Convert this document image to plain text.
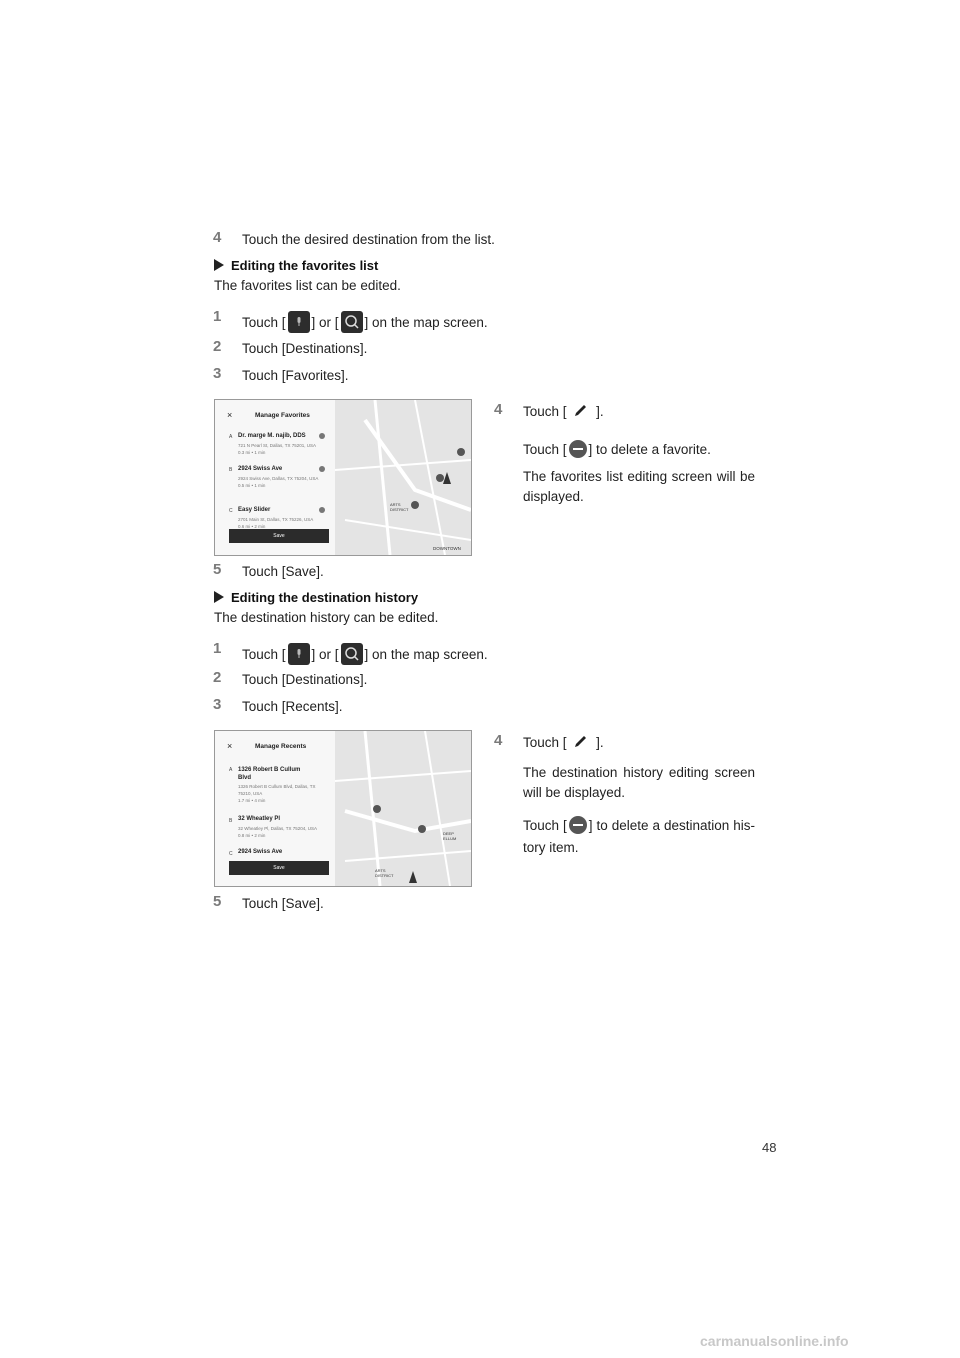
4 Touch the desired destination from the list.
Editing the favorites list
The favorites list can be edited.
1 Touch [ ] or [ ] on the map screen.
2 Touch [Destinations].
3 Touch [Favorites].
ARTS
DISTRICT
DOWNTOWN
×	Manage Favorites
A Dr. marge M. najib, DDS
721 N Pearl St, Dallas, TX 75201, USA
0.3 mi • 1 min
B 2924 Swiss Ave
2924 Swiss Ave, Dallas, TX 75204, USA
0.5 mi • 1 min
C Easy Slider
2701 Main St, Dallas, TX 75226, USA
0.6 mi • 2 min
Save
4 Touch [ ].
Touch [ ] to delete a favorite.
The favorites list editing screen will be displayed.
5 Touch [Save].
Editing the destination history
The destination history can be edited.
1 Touch [ ] or [ ] on the map screen.
2 Touch [Destinations].
3 Touch [Recents].
DEEP
ELLUM
ARTS
DISTRICT
×	Manage Recents
A 1326 Robert B Cullum Blvd
1326 Robert B Cullum Blvd, Dallas, TX 75210, USA
1.7 mi • 4 min
B 32 Wheatley Pl
32 Wheatley Pl, Dallas, TX 75204, USA
0.8 mi • 2 min
C 2924 Swiss Ave
Save
4 Touch [ ].
The destination history editing screen will be displayed.
Touch [ ] to delete a destination his-tory item.
5 Touch [Save].
48
carmanualsonline.info
